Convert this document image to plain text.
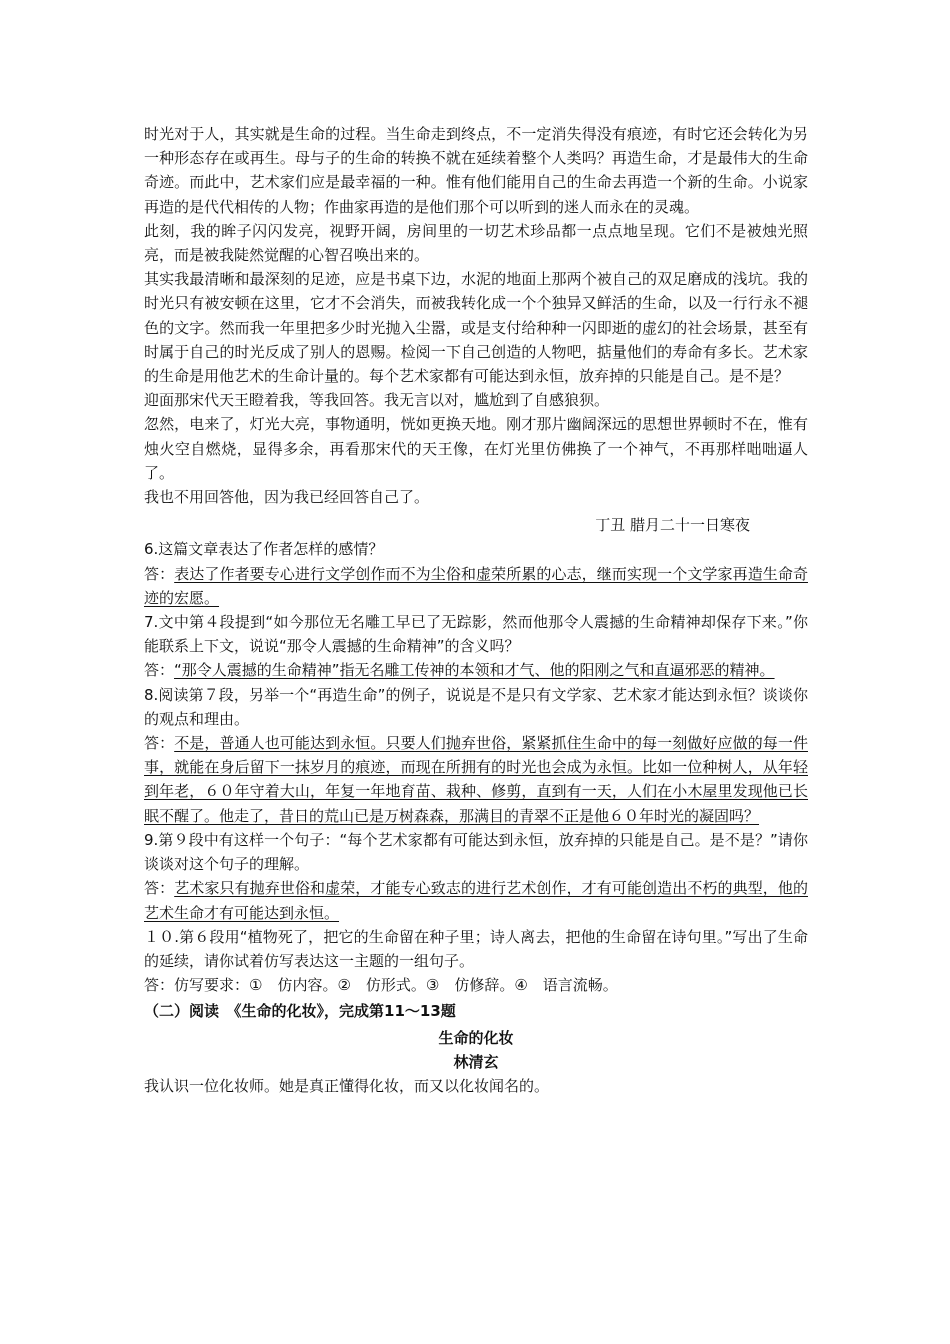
时光对于人，其实就是生命的过程。当生命走到终点，不一定消失得没有痕迹，有时它还会转化为另一种形态存在或再生。母与子的生命的转换不就在延续着整个人类吗？再造生命，才是最伟大的生命奇迹。而此中，艺术家们应是最幸福的一种。惟有他们能用自己的生命去再造一个新的生命。小说家再造的是代代相传的人物；作曲家再造的是他们那个可以听到的迷人而永在的灵魂。

此刻，我的眸子闪闪发亮，视野开阔，房间里的一切艺术珍品都一点点地呈现。它们不是被烛光照亮，而是被我陡然觉醒的心智召唤出来的。

其实我最清晰和最深刻的足迹，应是书桌下边，水泥的地面上那两个被自己的双足磨成的浅坑。我的时光只有被安顿在这里，它才不会消失，而被我转化成一个个独异又鲜活的生命，以及一行行永不褪色的文字。然而我一年里把多少时光抛入尘嚣，或是支付给种种一闪即逝的虚幻的社会场景，甚至有时属于自己的时光反成了别人的恩赐。检阅一下自己创造的人物吧，掂量他们的寿命有多长。艺术家的生命是用他艺术的生命计量的。每个艺术家都有可能达到永恒，放弃掉的只能是自己。是不是？

迎面那宋代天王瞪着我，等我回答。我无言以对，尴尬到了自感狼狈。

忽然，电来了，灯光大亮，事物通明，恍如更换天地。刚才那片幽阔深远的思想世界顿时不在，惟有烛火空自燃烧，显得多余，再看那宋代的天王像，在灯光里仿佛换了一个神气，不再那样咄咄逼人了。

我也不用回答他，因为我已经回答自己了。

丁丑 腊月二十一日寒夜

6.这篇文章表达了作者怎样的感情？

答：表达了作者要专心进行文学创作而不为尘俗和虚荣所累的心志，继而实现一个文学家再造生命奇迹的宏愿。

7.文中第４段提到“如今那位无名雕工早已了无踪影，然而他那令人震撼的生命精神却保存下来。”你能联系上下文，说说“那令人震撼的生命精神”的含义吗？

答：“那令人震撼的生命精神”指无名雕工传神的本领和才气、他的阳刚之气和直逼邪恶的精神。

8.阅读第７段，另举一个“再造生命”的例子，说说是不是只有文学家、艺术家才能达到永恒？谈谈你的观点和理由。

答：不是，普通人也可能达到永恒。只要人们抛弃世俗，紧紧抓住生命中的每一刻做好应做的每一件事，就能在身后留下一抹岁月的痕迹，而现在所拥有的时光也会成为永恒。比如一位种树人，从年轻到年老，６０年守着大山，年复一年地育苗、栽种、修剪，直到有一天，人们在小木屋里发现他已长眠不醒了。他走了，昔日的荒山已是万树森森，那满目的青翠不正是他６０年时光的凝固吗？

9.第９段中有这样一个句子：“每个艺术家都有可能达到永恒，放弃掉的只能是自己。是不是？”请你谈谈对这个句子的理解。

答：艺术家只有抛弃世俗和虚荣，才能专心致志的进行艺术创作，才有可能创造出不朽的典型，他的艺术生命才有可能达到永恒。

１０.第６段用“植物死了，把它的生命留在种子里；诗人离去，把他的生命留在诗句里。”写出了生命的延续，请你试着仿写表达这一主题的一组句子。

答：仿写要求：①　仿内容。②　仿形式。③　仿修辞。④　语言流畅。

（二）阅读　《生命的化妆》，完成第11～13题

生命的化妆

林清玄

我认识一位化妆师。她是真正懂得化妆，而又以化妆闻名的。
